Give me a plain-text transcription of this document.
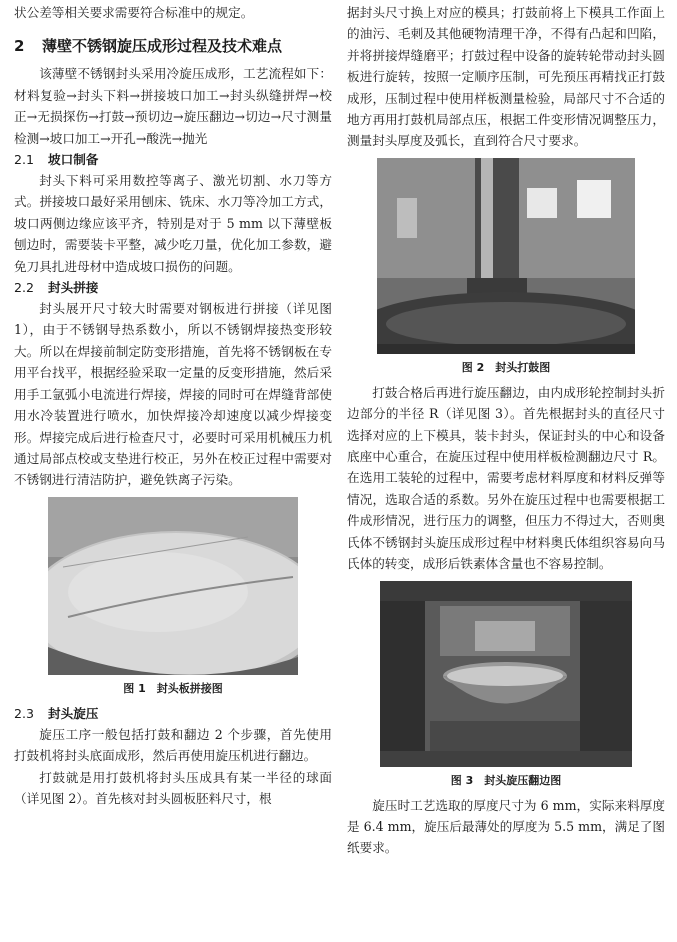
状公差等相关要求需要符合标准中的规定。

2 薄壁不锈钢旋压成形过程及技术难点

该薄壁不锈钢封头采用冷旋压成形，工艺流程如下：材料复验→封头下料→拼接坡口加工→封头纵缝拼焊→校正→无损探伤→打鼓→预切边→旋压翻边→切边→尺寸测量检测→坡口加工→开孔→酸洗→抛光

2.1 坡口制备

封头下料可采用数控等离子、激光切割、水刀等方式。拼接坡口最好采用刨床、铣床、水刀等冷加工方式，坡口两侧边缘应该平齐，特别是对于 5 mm 以下薄壁板刨边时，需要装卡平整，减少吃刀量，优化加工参数，避免刀具扎进母材中造成坡口损伤的问题。

2.2 封头拼接

封头展开尺寸较大时需要对钢板进行拼接（详见图 1），由于不锈钢导热系数小，所以不锈钢焊接热变形较大。所以在焊接前制定防变形措施，首先将不锈钢板在专用平台找平，根据经验采取一定量的反变形措施，然后采用手工氩弧小电流进行焊接，焊接的同时可在焊缝背部使用水冷装置进行喷水，加快焊接冷却速度以减少焊接变形。焊接完成后进行检查尺寸，必要时可采用机械压力机通过局部点校或支垫进行校正，另外在校正过程中需要对不锈钢进行清洁防护，避免铁离子污染。

图 1　封头板拼接图
2.3 封头旋压

旋压工序一般包括打鼓和翻边 2 个步骤，首先使用打鼓机将封头底面成形，然后再使用旋压机进行翻边。

打鼓就是用打鼓机将封头压成具有某一半径的球面（详见图 2）。首先核对封头圆板胚料尺寸，根

据封头尺寸换上对应的模具；打鼓前将上下模具工作面上的油污、毛刺及其他硬物清理干净，不得有凸起和凹陷，并将拼接焊缝磨平；打鼓过程中设备的旋转轮带动封头圆板进行旋转，按照一定顺序压制，可先预压再精找正打鼓成形，压制过程中使用样板测量检验，局部尺寸不合适的地方再用打鼓机局部点压，根据工件变形情况调整压力，测量封头厚度及弧长，直到符合尺寸要求。

图 2　封头打鼓图

打鼓合格后再进行旋压翻边，由内成形轮控制封头折边部分的半径 R（详见图 3）。首先根据封头的直径尺寸选择对应的上下模具，装卡封头，保证封头的中心和设备底座中心重合，在旋压过程中使用样板检测翻边尺寸 R。在选用工装轮的过程中，需要考虑材料厚度和材料反弹等情况，选取合适的系数。另外在旋压过程中也需要根据工件成形情况，进行压力的调整，但压力不得过大，否则奥氏体不锈钢封头旋压成形过程中材料奥氏体组织容易向马氏体的转变，成形后铁素体含量也不容易控制。

图 3　封头旋压翻边图

旋压时工艺选取的厚度尺寸为 6 mm，实际来料厚度是 6.4 mm，旋压后最薄处的厚度为 5.5 mm，满足了图纸要求。
